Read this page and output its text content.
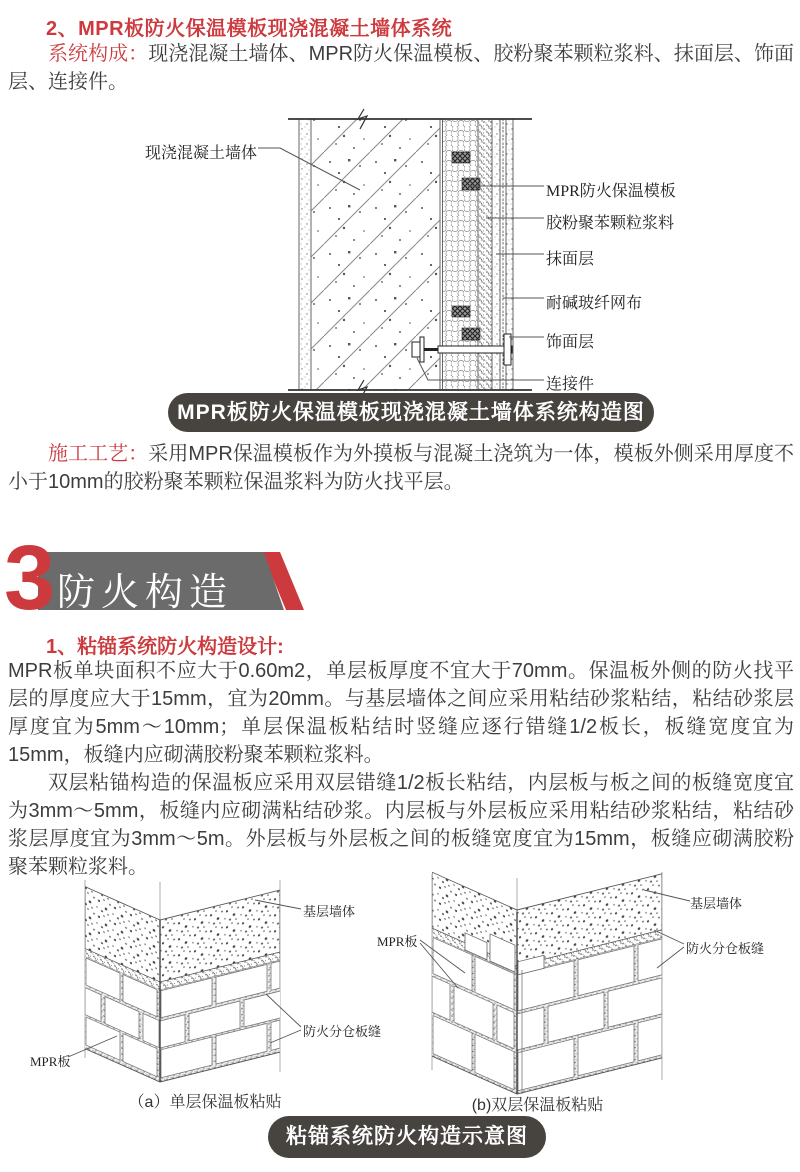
2、MPR板防火保温模板现浇混凝土墙体系统
系统构成：现浇混凝土墙体、MPR防火保温模板、胶粉聚苯颗粒浆料、抹面层、饰面层、连接件。
现浇混凝土墙体
MPR防火保温模板
胶粉聚苯颗粒浆料
抹面层
耐碱玻纤网布
饰面层
连接件
MPR板防火保温模板现浇混凝土墙体系统构造图
施工工艺：采用MPR保温模板作为外摸板与混凝土浇筑为一体，模板外侧采用厚度不小于10mm的胶粉聚苯颗粒保温浆料为防火找平层。
3 防火构造
1、粘锚系统防火构造设计:
MPR板单块面积不应大于0.60m2，单层板厚度不宜大于70mm。保温板外侧的防火找平层的厚度应大于15mm，宜为20mm。与基层墙体之间应采用粘结砂浆粘结，粘结砂浆层厚度宜为5mm～10mm；单层保温板粘结时竖缝应逐行错缝1/2板长，板缝宽度宜为15mm，板缝内应砌满胶粉聚苯颗粒浆料。
双层粘锚构造的保温板应采用双层错缝1/2板长粘结，内层板与板之间的板缝宽度宜为3mm～5mm，板缝内应砌满粘结砂浆。内层板与外层板应采用粘结砂浆粘结，粘结砂浆层厚度宜为3mm～5m。外层板与外层板之间的板缝宽度宜为15mm，板缝应砌满胶粉聚苯颗粒浆料。
基层墙体
防火分仓板缝
MPR板
（a）单层保温板粘贴
基层墙体
防火分仓板缝
MPR板
(b)双层保温板粘贴
粘锚系统防火构造示意图
